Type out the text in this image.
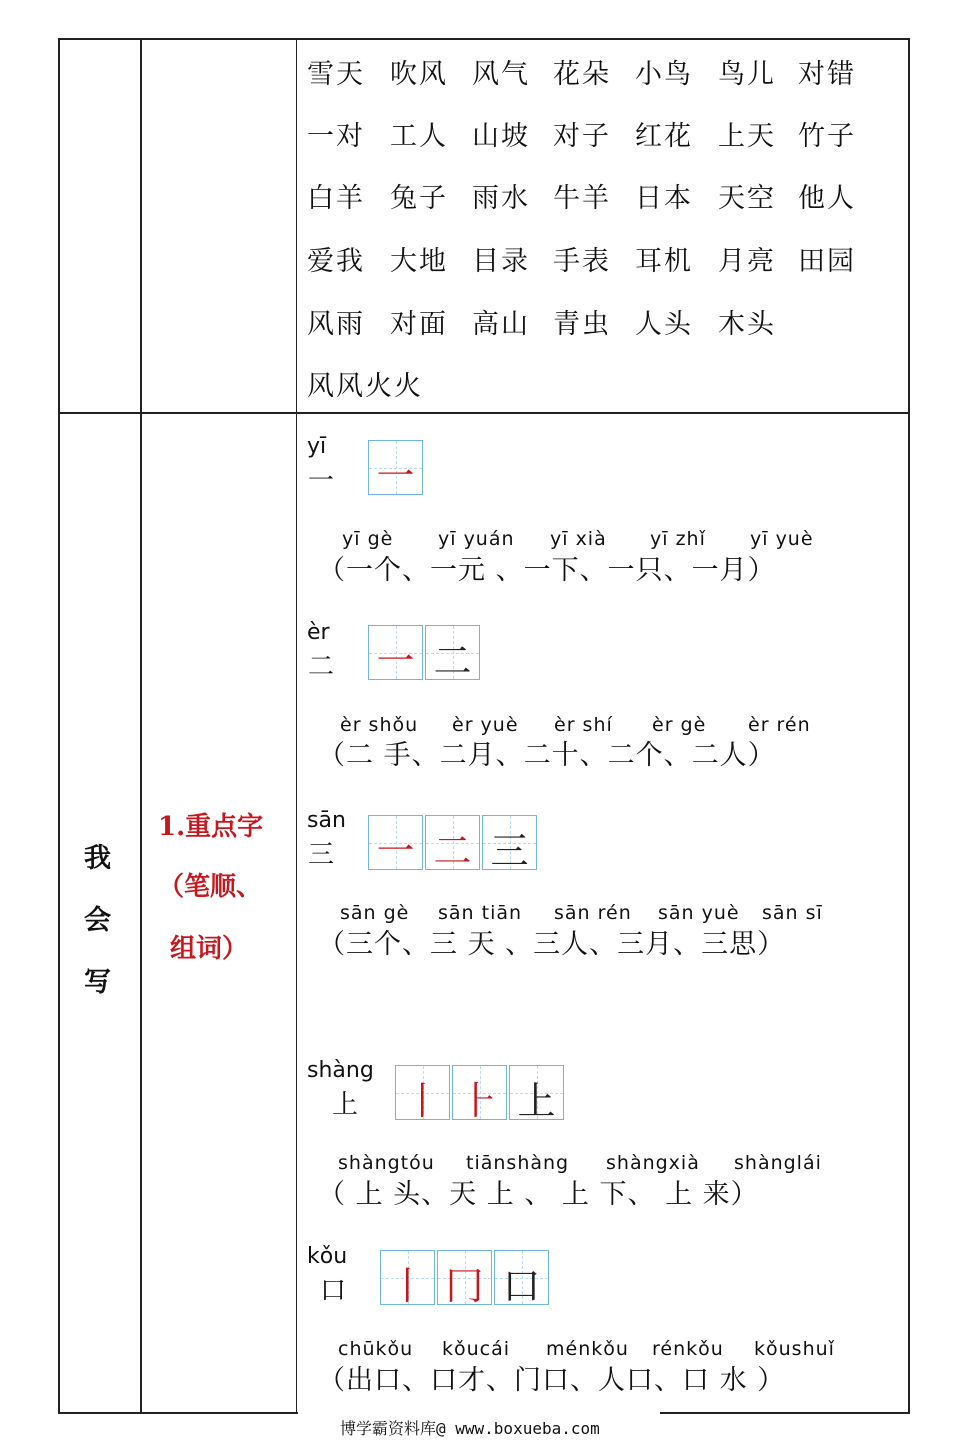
雪天 吹风 风气 花朵 小鸟 鸟儿 对错
一对 工人 山坡 对子 红花 上天 竹子
白羊 兔子 雨水 牛羊 日本 天空 他人
爱我 大地 目录 手表 耳机 月亮 田园
风雨 对面 高山 青虫 人头 木头
风风火火
我
会
写
1.重点字
（笔顺、
组词）
yī
一 一
yī gè yī yuán yī xià yī zhǐ yī yuè
（一个、一元 、一下、一只、一月）
èr
二 一 二
èr shǒu èr yuè èr shí èr gè èr rén
（二 手、二月、二十、二个、二人）
sān
三 一 二 三
sān gè sān tiān sān rén sān yuè sān sī
（三个、三 天 、三人、三月、三思）
shàng
上 丨 ⺊ 上
shàngtóu tiānshàng shàngxià shànglái
（ 上 头、天 上 、 上 下、 上 来）
kǒu
口 丨 冂 口
chūkǒu kǒucái ménkǒu rénkǒu kǒushuǐ
（出口、口才、门口、人口、口 水 ）
博学霸资料库@ www.boxueba.com
